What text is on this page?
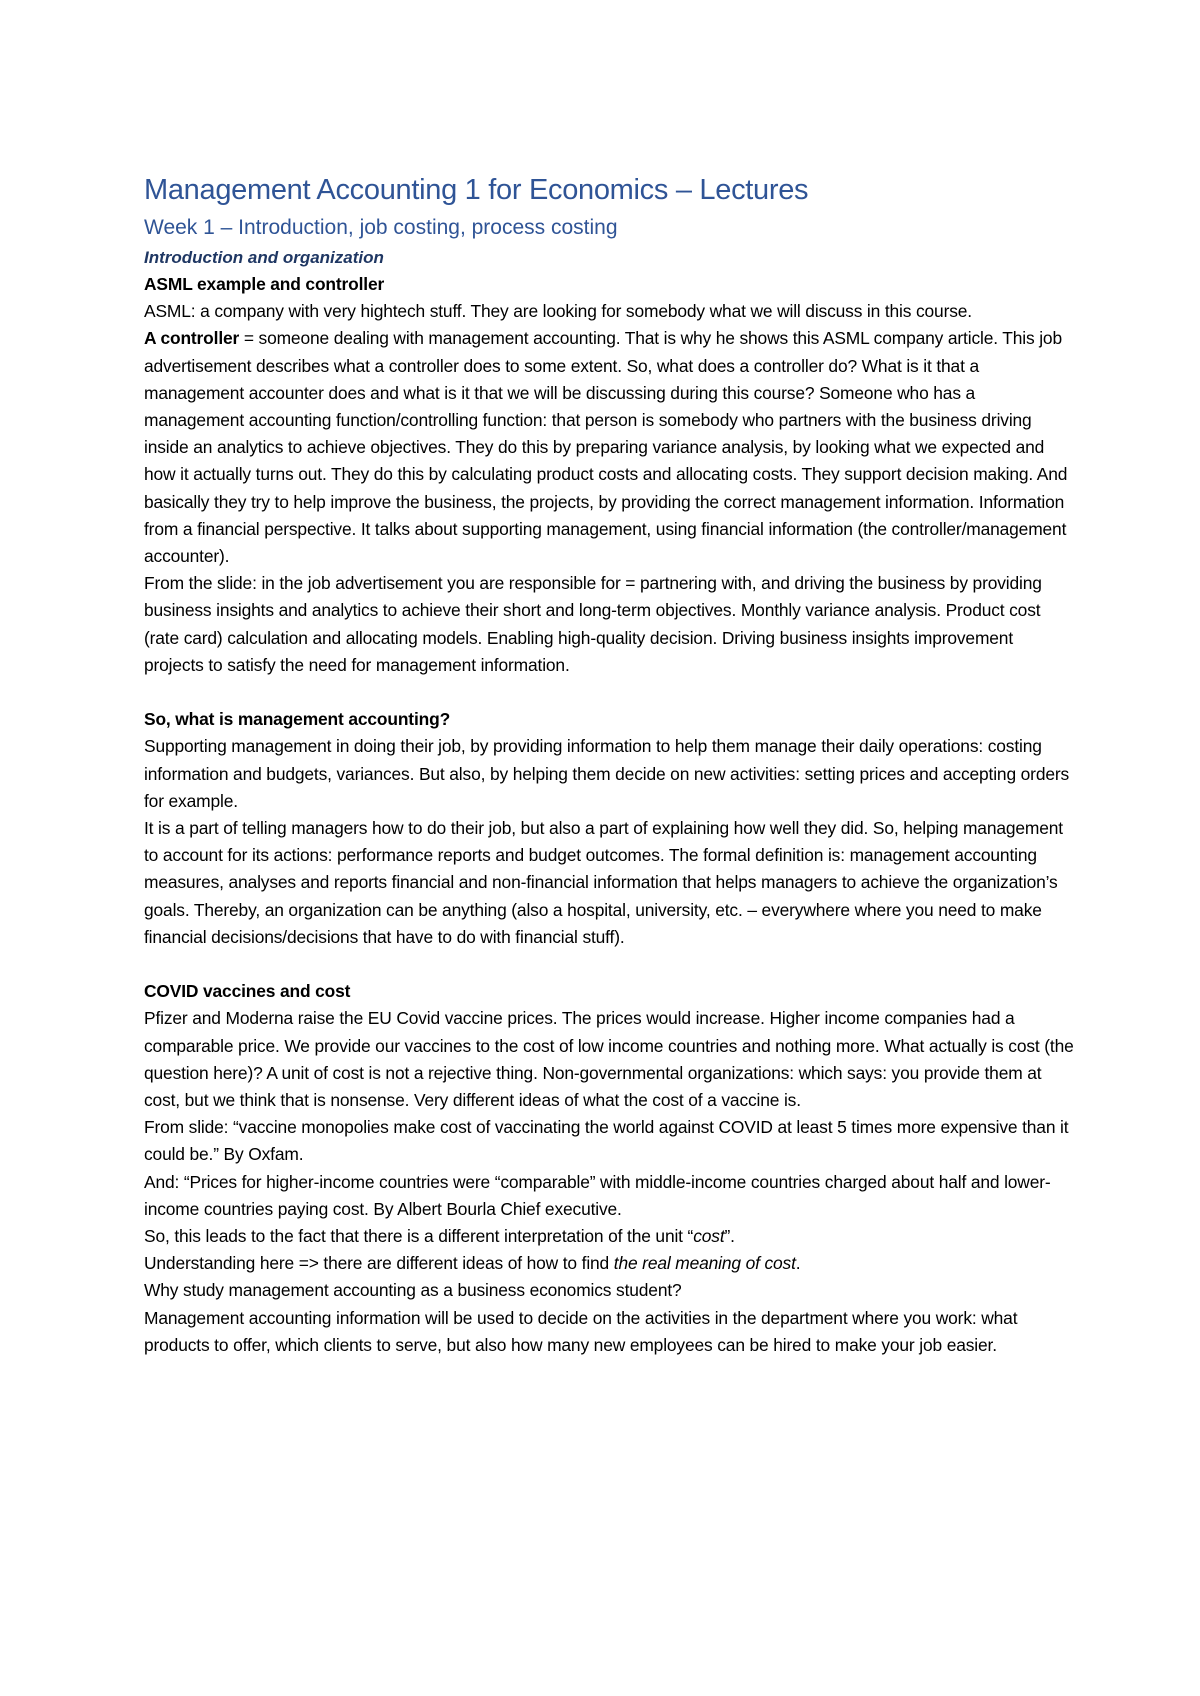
Management Accounting 1 for Economics – Lectures
Week 1 – Introduction, job costing, process costing
Introduction and organization

ASML example and controller

ASML: a company with very hightech stuff. They are looking for somebody what we will discuss in this course.

A controller = someone dealing with management accounting. That is why he shows this ASML company article. This job advertisement describes what a controller does to some extent. So, what does a controller do? What is it that a management accounter does and what is it that we will be discussing during this course? Someone who has a management accounting function/controlling function: that person is somebody who partners with the business driving inside an analytics to achieve objectives. They do this by preparing variance analysis, by looking what we expected and how it actually turns out. They do this by calculating product costs and allocating costs. They support decision making. And basically they try to help improve the business, the projects, by providing the correct management information. Information from a financial perspective. It talks about supporting management, using financial information (the controller/management accounter).

From the slide: in the job advertisement you are responsible for = partnering with, and driving the business by providing business insights and analytics to achieve their short and long-term objectives. Monthly variance analysis. Product cost (rate card) calculation and allocating models. Enabling high-quality decision. Driving business insights improvement projects to satisfy the need for management information.

So, what is management accounting?

Supporting management in doing their job, by providing information to help them manage their daily operations: costing information and budgets, variances. But also, by helping them decide on new activities: setting prices and accepting orders for example.

It is a part of telling managers how to do their job, but also a part of explaining how well they did. So, helping management to account for its actions: performance reports and budget outcomes. The formal definition is: management accounting measures, analyses and reports financial and non-financial information that helps managers to achieve the organization’s goals. Thereby, an organization can be anything (also a hospital, university, etc. – everywhere where you need to make financial decisions/decisions that have to do with financial stuff).

COVID vaccines and cost

Pfizer and Moderna raise the EU Covid vaccine prices. The prices would increase. Higher income companies had a comparable price. We provide our vaccines to the cost of low income countries and nothing more. What actually is cost (the question here)? A unit of cost is not a rejective thing. Non-governmental organizations: which says: you provide them at cost, but we think that is nonsense. Very different ideas of what the cost of a vaccine is.

From slide: “vaccine monopolies make cost of vaccinating the world against COVID at least 5 times more expensive than it could be.” By Oxfam.

And: “Prices for higher-income countries were “comparable” with middle-income countries charged about half and lower-income countries paying cost. By Albert Bourla Chief executive.

So, this leads to the fact that there is a different interpretation of the unit “cost”.

Understanding here => there are different ideas of how to find the real meaning of cost.

Why study management accounting as a business economics student?

Management accounting information will be used to decide on the activities in the department where you work: what products to offer, which clients to serve, but also how many new employees can be hired to make your job easier.
